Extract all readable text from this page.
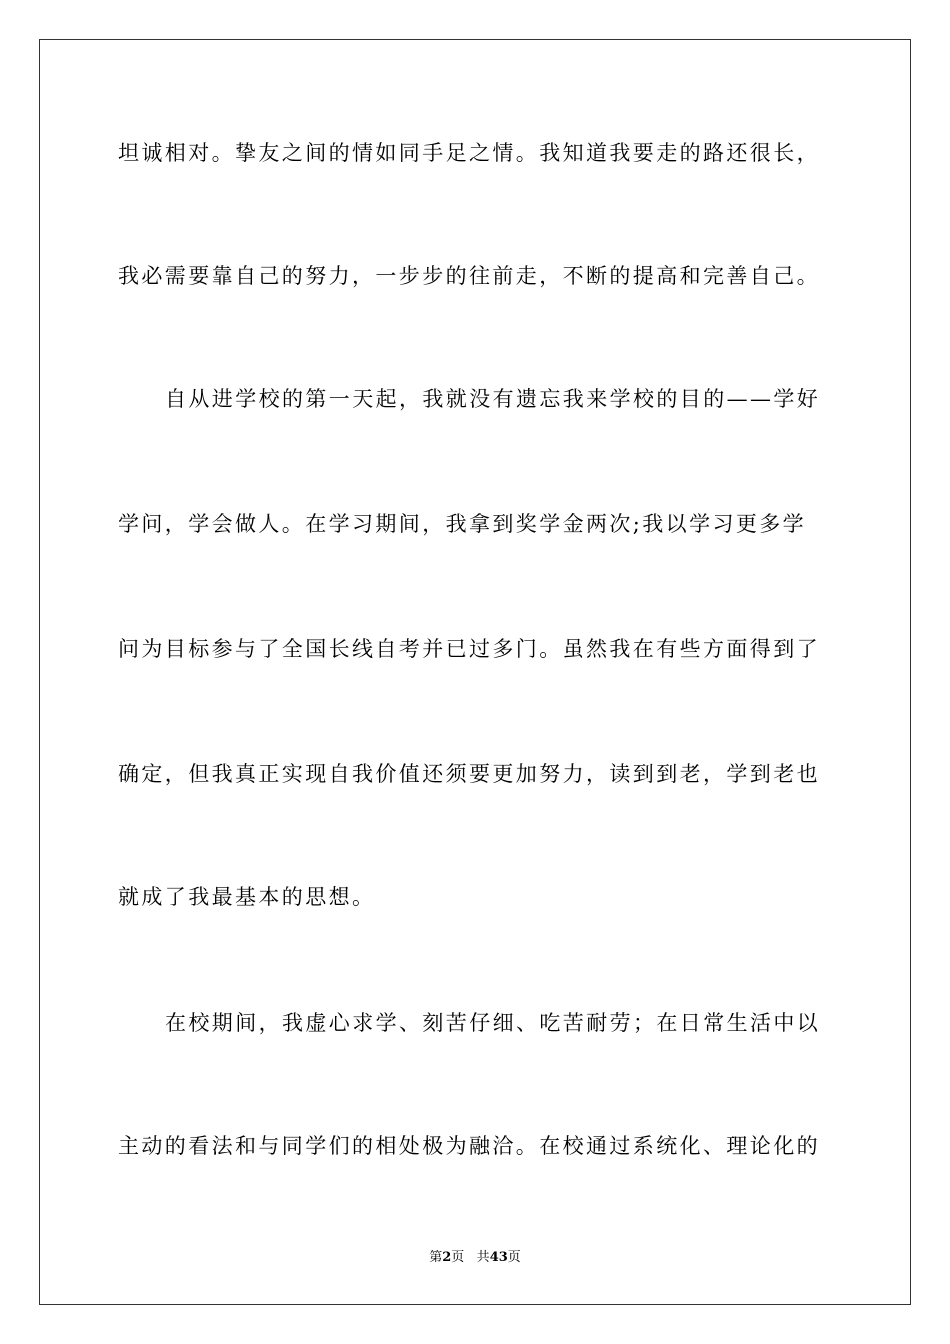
坦诚相对。挚友之间的情如同手足之情。我知道我要走的路还很长，

我必需要靠自己的努力，一步步的往前走，不断的提高和完善自己。

自从进学校的第一天起，我就没有遗忘我来学校的目的——学好

学问，学会做人。在学习期间，我拿到奖学金两次;我以学习更多学

问为目标参与了全国长线自考并已过多门。虽然我在有些方面得到了

确定，但我真正实现自我价值还须要更加努力，读到到老，学到老也

就成了我最基本的思想。

在校期间，我虚心求学、刻苦仔细、吃苦耐劳；在日常生活中以

主动的看法和与同学们的相处极为融洽。在校通过系统化、理论化的

第2页 共43页
